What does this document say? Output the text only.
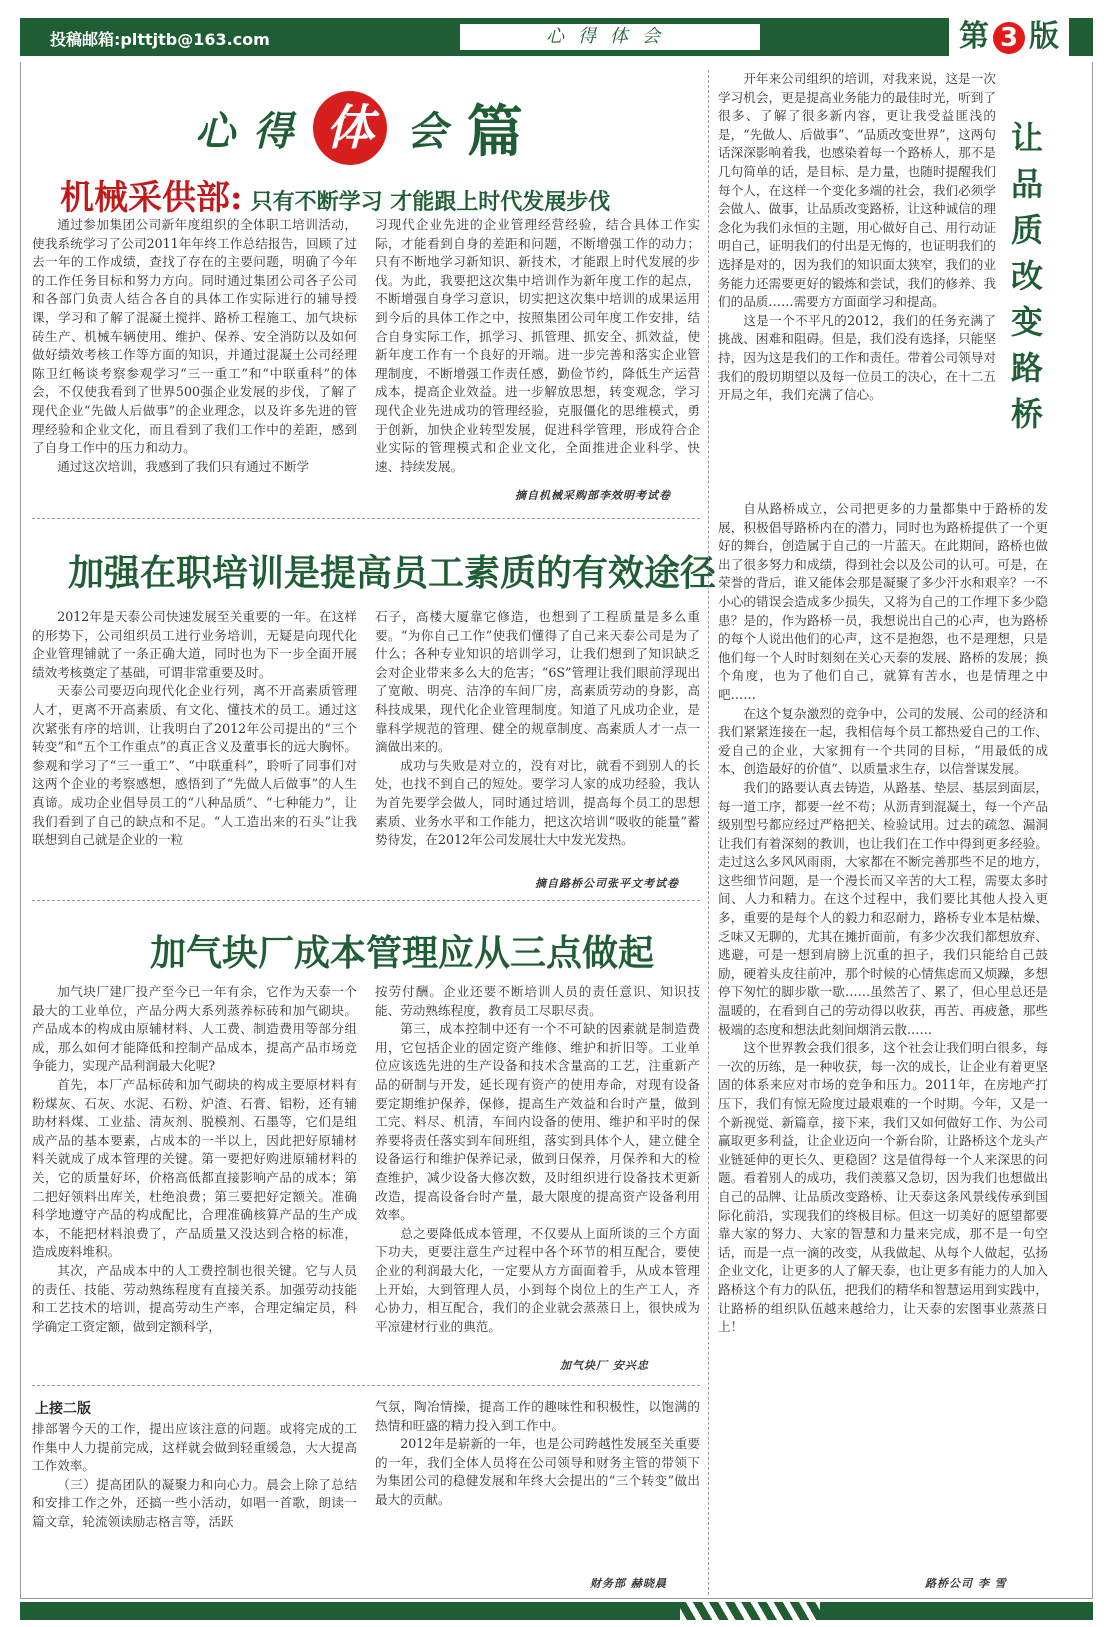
投稿邮箱:plttjtb@163.com	心得体会	第 3 版
心 得 体 会 篇
机械采供部: 只有不断学习 才能跟上时代发展步伐

通过参加集团公司新年度组织的全体职工培训活动，使我系统学习了公司2011年年终工作总结报告，回顾了过去一年的工作成绩，查找了存在的主要问题，明确了今年的工作任务目标和努力方向。同时通过集团公司各子公司和各部门负责人结合各自的具体工作实际进行的辅导授课，学习和了解了混凝土搅拌、路桥工程施工、加气块标砖生产、机械车辆使用、维护、保养、安全消防以及如何做好绩效考核工作等方面的知识，并通过混凝土公司经理陈卫红畅谈考察参观学习“三一重工”和“中联重科”的体会，不仅使我看到了世界500强企业发展的步伐，了解了现代企业“先做人后做事”的企业理念，以及许多先进的管理经验和企业文化，而且看到了我们工作中的差距，感到了自身工作中的压力和动力。

通过这次培训，我感到了我们只有通过不断学

习现代企业先进的企业管理经营经验，结合具体工作实际，才能看到自身的差距和问题，不断增强工作的动力；只有不断地学习新知识、新技术，才能跟上时代发展的步伐。为此，我要把这次集中培训作为新年度工作的起点，不断增强自身学习意识，切实把这次集中培训的成果运用到今后的具体工作之中，按照集团公司年度工作安排，结合自身实际工作，抓学习、抓管理、抓安全、抓效益，使新年度工作有一个良好的开端。进一步完善和落实企业管理制度，不断增强工作责任感，勤俭节约，降低生产运营成本，提高企业效益。进一步解放思想，转变观念，学习现代企业先进成功的管理经验，克服僵化的思维模式，勇于创新，加快企业转型发展，促进科学管理，形成符合企业实际的管理模式和企业文化，全面推进企业科学、快速、持续发展。

摘自机械采购部李效明考试卷
加强在职培训是提高员工素质的有效途径

2012年是天泰公司快速发展至关重要的一年。在这样的形势下，公司组织员工进行业务培训，无疑是向现代化企业管理铺就了一条正确大道，同时也为下一步全面开展绩效考核奠定了基础，可谓非常重要及时。

天泰公司要迈向现代化企业行列，离不开高素质管理人才，更离不开高素质、有文化、懂技术的员工。通过这次紧张有序的培训，让我明白了2012年公司提出的“三个转变”和“五个工作重点”的真正含义及董事长的远大胸怀。参观和学习了“三一重工”、“中联重科”，聆听了同事们对这两个企业的考察感想，感悟到了“先做人后做事”的人生真谛。成功企业倡导员工的“八种品质”、“七种能力”，让我们看到了自己的缺点和不足。“人工造出来的石头”让我联想到自己就是企业的一粒

石子，高楼大厦靠它修造，也想到了工程质量是多么重要。“为你自己工作”使我们懂得了自己来天泰公司是为了什么；各种专业知识的培训学习，让我们想到了知识缺乏会对企业带来多么大的危害；“6S”管理让我们眼前浮现出了宽敞、明亮、洁净的车间厂房，高素质劳动的身影，高科技成果，现代化企业管理制度。知道了凡成功企业，是靠科学规范的管理、健全的规章制度、高素质人才一点一滴做出来的。

成功与失败是对立的，没有对比，就看不到别人的长处，也找不到自己的短处。要学习人家的成功经验，我认为首先要学会做人，同时通过培训，提高每个员工的思想素质、业务水平和工作能力，把这次培训“吸收的能量”蓄势待发，在2012年公司发展壮大中发光发热。

摘自路桥公司张平文考试卷
加气块厂成本管理应从三点做起

加气块厂建厂投产至今已一年有余，它作为天泰一个最大的工业单位，产品分两大系列蒸养标砖和加气砌块。产品成本的构成由原辅材料、人工费、制造费用等部分组成，那么如何才能降低和控制产品成本，提高产品市场竞争能力，实现产品利润最大化呢?

首先，本厂产品标砖和加气砌块的构成主要原材料有粉煤灰、石灰、水泥、石粉、炉渣、石膏、铝粉，还有辅助材料煤、工业盐、清灰剂、脱模剂、石墨等，它们是组成产品的基本要素，占成本的一半以上，因此把好原辅材料关就成了成本管理的关键。第一要把好购进原辅材料的关，它的质量好坏，价格高低都直接影响产品的成本；第二把好领料出库关，杜绝浪费；第三要把好定额关。准确科学地遵守产品的构成配比，合理准确核算产品的生产成本，不能把材料浪费了，产品质量又没达到合格的标准，造成废料堆积。

其次，产品成本中的人工费控制也很关键。它与人员的责任、技能、劳动熟练程度有直接关系。加强劳动技能和工艺技术的培训，提高劳动生产率，合理定编定员，科学确定工资定额，做到定额科学，

按劳付酬。企业还要不断培训人员的责任意识、知识技能、劳动熟练程度，教育员工尽职尽责。

第三，成本控制中还有一个不可缺的因素就是制造费用，它包括企业的固定资产维修、维护和折旧等。工业单位应该选先进的生产设备和技术含量高的工艺，注重新产品的研制与开发，延长现有资产的使用寿命，对现有设备要定期维护保养，保修，提高生产效益和台时产量，做到工完、料尽、机清，车间内设备的使用、维护和平时的保养要将责任落实到车间班组，落实到具体个人，建立健全设备运行和维护保养记录，做到日保养，月保养和大的检查维护，减少设备大修次数，及时组织进行设备技术更新改造，提高设备台时产量，最大限度的提高资产设备利用效率。

总之要降低成本管理，不仅要从上面所谈的三个方面下功夫，更要注意生产过程中各个环节的相互配合，要使企业的利润最大化，一定要从方方面面着手，从成本管理上开始，大到管理人员，小到每个岗位上的生产工人，齐心协力，相互配合，我们的企业就会蒸蒸日上，很快成为平凉建材行业的典范。

加气块厂 安兴忠
上接二版

排部署今天的工作，提出应该注意的问题。或将完成的工作集中人力提前完成，这样就会做到轻重缓急，大大提高工作效率。

（三）提高团队的凝聚力和向心力。晨会上除了总结和安排工作之外，还搞一些小活动，如唱一首歌，朗读一篇文章，轮流领读励志格言等，活跃

气氛，陶冶情操，提高工作的趣味性和积极性，以饱满的热情和旺盛的精力投入到工作中。

2012年是崭新的一年，也是公司跨越性发展至关重要的一年，我们全体人员将在公司领导和财务主管的带领下为集团公司的稳健发展和年终大会提出的“三个转变”做出最大的贡献。

财务部 赫晓晨
让品质改变路桥

开年来公司组织的培训，对我来说，这是一次学习机会，更是提高业务能力的最佳时光，听到了很多、了解了很多新内容，更让我受益匪浅的是，“先做人、后做事”、“品质改变世界”，这两句话深深影响着我，也感染着每一个路桥人，那不是几句简单的话，是目标、是力量，也随时提醒我们每个人，在这样一个变化多端的社会，我们必须学会做人、做事，让品质改变路桥，让这种诚信的理念化为我们永恒的主题，用心做好自己、用行动证明自己，证明我们的付出是无悔的，也证明我们的选择是对的，因为我们的知识面太狭窄，我们的业务能力还需要更好的锻炼和尝试，我们的修养、我们的品质……需要方方面面学习和提高。

这是一个不平凡的2012，我们的任务充满了挑战、困难和阻碍。但是，我们没有选择，只能坚持，因为这是我们的工作和责任。带着公司领导对我们的殷切期望以及每一位员工的决心，在十二五开局之年，我们充满了信心。

自从路桥成立，公司把更多的力量都集中于路桥的发展，积极倡导路桥内在的潜力，同时也为路桥提供了一个更好的舞台，创造属于自己的一片蓝天。在此期间，路桥也做出了很多努力和成绩，得到社会以及公司的认可。可是，在荣誉的背后，谁又能体会那是凝聚了多少汗水和艰辛？一不小心的错误会造成多少损失，又将为自己的工作埋下多少隐患？是的，作为路桥一员，我想说出自己的心声，也为路桥的每个人说出他们的心声，这不是抱怨，也不是理想，只是他们每一个人时时刻刻在关心天泰的发展、路桥的发展；换个角度，也为了他们自己，就算有苦水，也是情理之中吧……

在这个复杂激烈的竞争中，公司的发展、公司的经济和我们紧紧连接在一起，我相信每个员工都热爱自己的工作、爱自己的企业，大家拥有一个共同的目标，“用最低的成本、创造最好的价值”、以质量求生存，以信誉谋发展。

我们的路要认真去铸造，从路基、垫层、基层到面层，每一道工序，都要一丝不苟；从沥青到混凝土，每一个产品级别型号都应经过严格把关、检验试用。过去的疏忽、漏洞让我们有着深刻的教训，也让我们在工作中得到更多经验。走过这么多风风雨雨，大家都在不断完善那些不足的地方，这些细节问题，是一个漫长而又辛苦的大工程，需要太多时间、人力和精力。在这个过程中，我们要比其他人投入更多，重要的是每个人的毅力和忍耐力，路桥专业本是枯燥、乏味又无聊的，尤其在摊折面前，有多少次我们都想放弃、逃避，可是一想到肩膀上沉重的担子，我们只能给自己鼓励，硬着头皮往前冲，那个时候的心情焦虑而又烦躁，多想停下匆忙的脚步歇一歇……虽然苦了、累了，但心里总还是温暖的，在看到自己的劳动得以收获，再苦、再疲惫，那些极端的态度和想法此刻间烟消云散……

这个世界教会我们很多，这个社会让我们明白很多，每一次的历练，是一种收获，每一次的成长，让企业有着更坚固的体系来应对市场的竞争和压力。2011年，在房地产打压下，我们有惊无险度过最艰难的一个时期。今年，又是一个新视觉、新篇章，接下来，我们又如何做好工作、为公司赢取更多利益，让企业迈向一个新台阶，让路桥这个龙头产业链延伸的更长久、更稳固？这是值得每一个人来深思的问题。看着别人的成功，我们羡慕又急切，因为我们也想做出自己的品牌、让品质改变路桥、让天泰这条风景线传承到国际化前沿，实现我们的终极目标。但这一切美好的愿望都要靠大家的努力、大家的智慧和力量来完成，那不是一句空话，而是一点一滴的改变，从我做起、从每个人做起，弘扬企业文化，让更多的人了解天泰，也让更多有能力的人加入路桥这个有力的队伍，把我们的精华和智慧运用到实践中，让路桥的组织队伍越来越给力，让天泰的宏图事业蒸蒸日上！

路桥公司 李 雪
